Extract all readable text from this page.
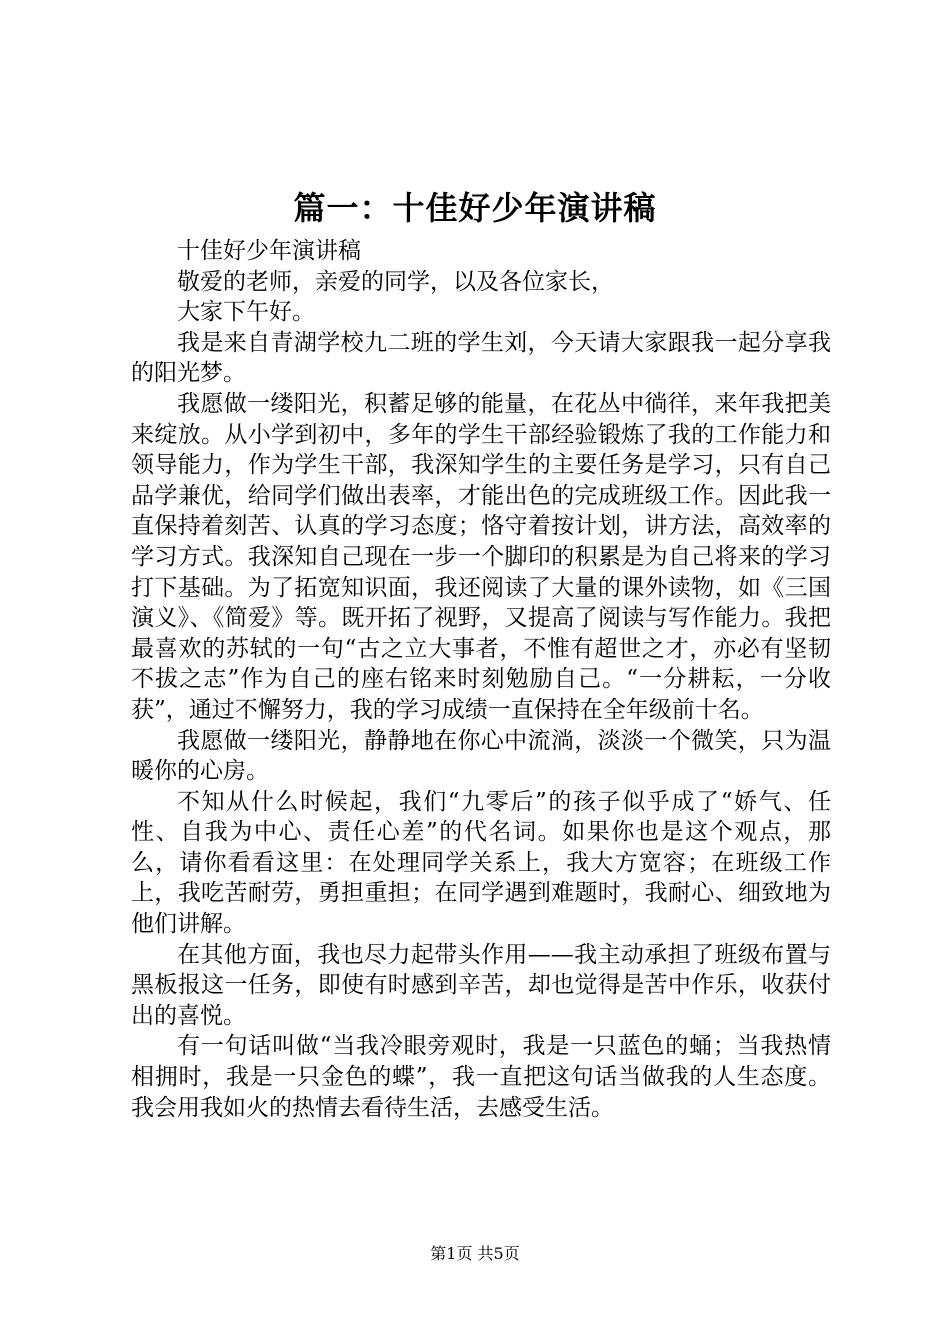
篇一：十佳好少年演讲稿

十佳好少年演讲稿

敬爱的老师，亲爱的同学，以及各位家长，

大家下午好。

我是来自青湖学校九二班的学生刘，今天请大家跟我一起分享我的阳光梦。

我愿做一缕阳光，积蓄足够的能量，在花丛中徜徉，来年我把美来绽放。从小学到初中，多年的学生干部经验锻炼了我的工作能力和领导能力，作为学生干部，我深知学生的主要任务是学习，只有自己品学兼优，给同学们做出表率，才能出色的完成班级工作。因此我一直保持着刻苦、认真的学习态度；恪守着按计划，讲方法，高效率的学习方式。我深知自己现在一步一个脚印的积累是为自己将来的学习打下基础。为了拓宽知识面，我还阅读了大量的课外读物，如《三国演义》、《简爱》等。既开拓了视野，又提高了阅读与写作能力。我把最喜欢的苏轼的一句“古之立大事者，不惟有超世之才，亦必有坚韧不拔之志”作为自己的座右铭来时刻勉励自己。“一分耕耘，一分收获”，通过不懈努力，我的学习成绩一直保持在全年级前十名。

我愿做一缕阳光，静静地在你心中流淌，淡淡一个微笑，只为温暖你的心房。

不知从什么时候起，我们“九零后”的孩子似乎成了“娇气、任性、自我为中心、责任心差”的代名词。如果你也是这个观点，那么，请你看看这里：在处理同学关系上，我大方宽容；在班级工作上，我吃苦耐劳，勇担重担；在同学遇到难题时，我耐心、细致地为他们讲解。

在其他方面，我也尽力起带头作用——我主动承担了班级布置与黑板报这一任务，即使有时感到辛苦，却也觉得是苦中作乐，收获付出的喜悦。

有一句话叫做“当我冷眼旁观时，我是一只蓝色的蛹；当我热情相拥时，我是一只金色的蝶”，我一直把这句话当做我的人生态度。我会用我如火的热情去看待生活，去感受生活。

第1页 共5页
